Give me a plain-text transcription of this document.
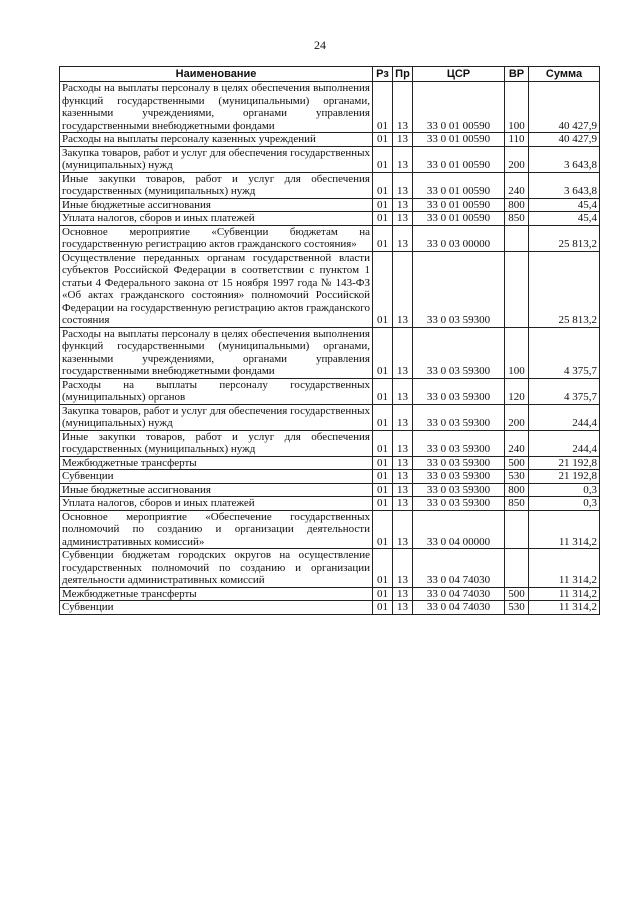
24
Наименование	Рз	Пр	ЦСР	ВР	Сумма
Расходы на выплаты персоналу в целях обеспечения выполнения функций государственными (муниципальными) органами, казенными учреждениями, органами управления государственными внебюджетными фондами	01	13	33 0 01 00590	100	40 427,9
Расходы на выплаты персоналу казенных учреждений	01	13	33 0 01 00590	110	40 427,9
Закупка товаров, работ и услуг для обеспечения государственных (муниципальных) нужд	01	13	33 0 01 00590	200	3 643,8
Иные закупки товаров, работ и услуг для обеспечения государственных (муниципальных) нужд	01	13	33 0 01 00590	240	3 643,8
Иные бюджетные ассигнования	01	13	33 0 01 00590	800	45,4
Уплата налогов, сборов и иных платежей	01	13	33 0 01 00590	850	45,4
Основное мероприятие «Субвенции бюджетам на государственную регистрацию актов гражданского состояния»	01	13	33 0 03 00000		25 813,2
Осуществление переданных органам государственной власти субъектов Российской Федерации в соответствии с пунктом 1 статьи 4 Федерального закона от 15 ноября 1997 года № 143-ФЗ «Об актах гражданского состояния» полномочий Российской Федерации на государственную регистрацию актов гражданского состояния	01	13	33 0 03 59300		25 813,2
Расходы на выплаты персоналу в целях обеспечения выполнения функций государственными (муниципальными) органами, казенными учреждениями, органами управления государственными внебюджетными фондами	01	13	33 0 03 59300	100	4 375,7
Расходы на выплаты персоналу государственных (муниципальных) органов	01	13	33 0 03 59300	120	4 375,7
Закупка товаров, работ и услуг для обеспечения государственных (муниципальных) нужд	01	13	33 0 03 59300	200	244,4
Иные закупки товаров, работ и услуг для обеспечения государственных (муниципальных) нужд	01	13	33 0 03 59300	240	244,4
Межбюджетные трансферты	01	13	33 0 03 59300	500	21 192,8
Субвенции	01	13	33 0 03 59300	530	21 192,8
Иные бюджетные ассигнования	01	13	33 0 03 59300	800	0,3
Уплата налогов, сборов и иных платежей	01	13	33 0 03 59300	850	0,3
Основное мероприятие «Обеспечение государственных полномочий по созданию и организации деятельности административных комиссий»	01	13	33 0 04 00000		11 314,2
Субвенции бюджетам городских округов на осуществление государственных полномочий по созданию и организации деятельности административных комиссий	01	13	33 0 04 74030		11 314,2
Межбюджетные трансферты	01	13	33 0 04 74030	500	11 314,2
Субвенции	01	13	33 0 04 74030	530	11 314,2
